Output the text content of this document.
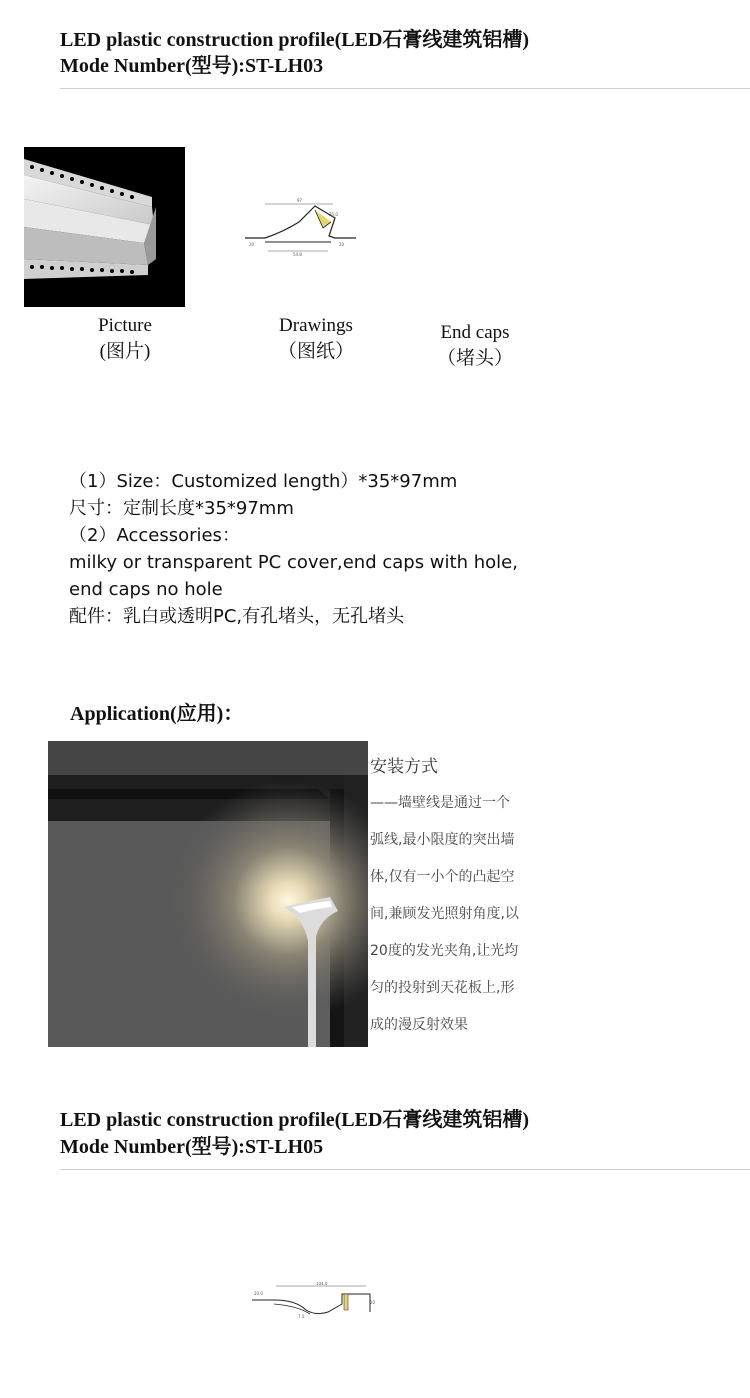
LED plastic construction profile(LED石膏线建筑铝槽)
Mode Number(型号):ST-LH03
97
54.8
20	20
35.0
Picture
(图片)
Drawings
（图纸）
End caps
（堵头）
（1）Size：Customized length）*35*97mm
尺寸：定制长度*35*97mm
（2）Accessories：
milky or transparent PC cover,end caps with hole,
end caps no hole
配件：乳白或透明PC,有孔堵头，无孔堵头
Application(应用)：
安装方式
——墙壁线是通过一个
弧线,最小限度的突出墙
体,仅有一小个的凸起空
间,兼顾发光照射角度,以
20度的发光夹角,让光均
匀的投射到天花板上,形
成的漫反射效果
LED plastic construction profile(LED石膏线建筑铝槽)
Mode Number(型号):ST-LH05
104.0
20.0
20
7.5
